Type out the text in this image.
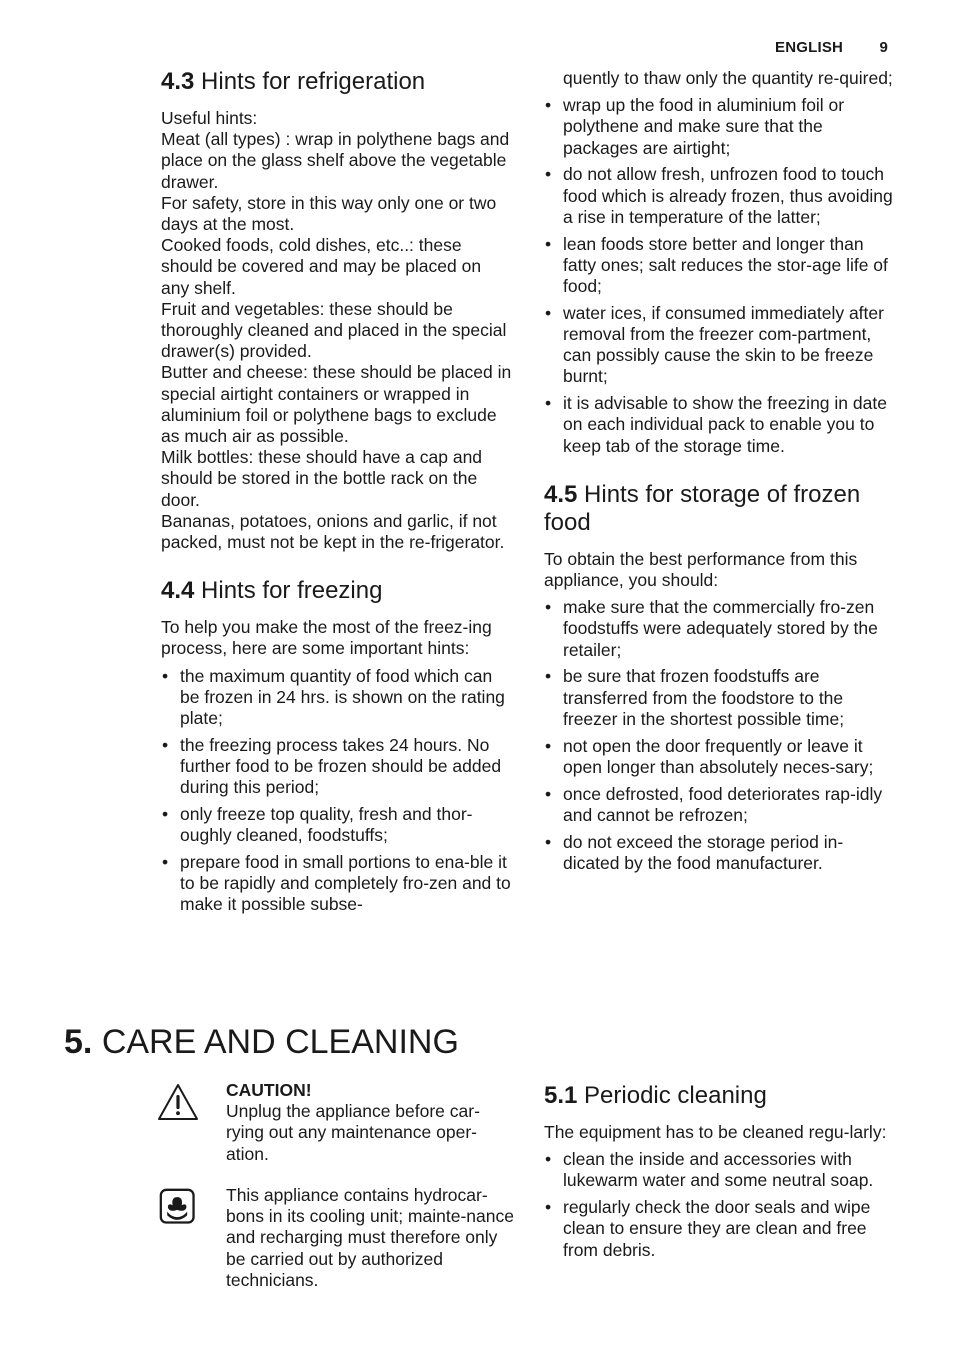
ENGLISH 9
4.3 Hints for refrigeration

Useful hints:

Meat (all types) : wrap in polythene bags and place on the glass shelf above the vegetable drawer.

For safety, store in this way only one or two days at the most.

Cooked foods, cold dishes, etc..: these should be covered and may be placed on any shelf.

Fruit and vegetables: these should be thoroughly cleaned and placed in the special drawer(s) provided.

Butter and cheese: these should be placed in special airtight containers or wrapped in aluminium foil or polythene bags to exclude as much air as possible.

Milk bottles: these should have a cap and should be stored in the bottle rack on the door.

Bananas, potatoes, onions and garlic, if not packed, must not be kept in the re-frigerator.

4.4 Hints for freezing

To help you make the most of the freez-ing process, here are some important hints:

• the maximum quantity of food which can be frozen in 24 hrs. is shown on the rating plate;
• the freezing process takes 24 hours. No further food to be frozen should be added during this period;
• only freeze top quality, fresh and thor-oughly cleaned, foodstuffs;
• prepare food in small portions to ena-ble it to be rapidly and completely fro-zen and to make it possible subse-

quently to thaw only the quantity re-quired;

• wrap up the food in aluminium foil or polythene and make sure that the packages are airtight;
• do not allow fresh, unfrozen food to touch food which is already frozen, thus avoiding a rise in temperature of the latter;
• lean foods store better and longer than fatty ones; salt reduces the stor-age life of food;
• water ices, if consumed immediately after removal from the freezer com-partment, can possibly cause the skin to be freeze burnt;
• it is advisable to show the freezing in date on each individual pack to enable you to keep tab of the storage time.
4.5 Hints for storage of frozen food

To obtain the best performance from this appliance, you should:

• make sure that the commercially fro-zen foodstuffs were adequately stored by the retailer;
• be sure that frozen foodstuffs are transferred from the foodstore to the freezer in the shortest possible time;
• not open the door frequently or leave it open longer than absolutely neces-sary;
• once defrosted, food deteriorates rap-idly and cannot be refrozen;
• do not exceed the storage period in-dicated by the food manufacturer.
5. CARE AND CLEANING
CAUTION!

Unplug the appliance before car-rying out any maintenance oper-ation.

This appliance contains hydrocar-bons in its cooling unit; mainte-nance and recharging must therefore only be carried out by authorized technicians.

5.1 Periodic cleaning

The equipment has to be cleaned regu-larly:

• clean the inside and accessories with lukewarm water and some neutral soap.
• regularly check the door seals and wipe clean to ensure they are clean and free from debris.
